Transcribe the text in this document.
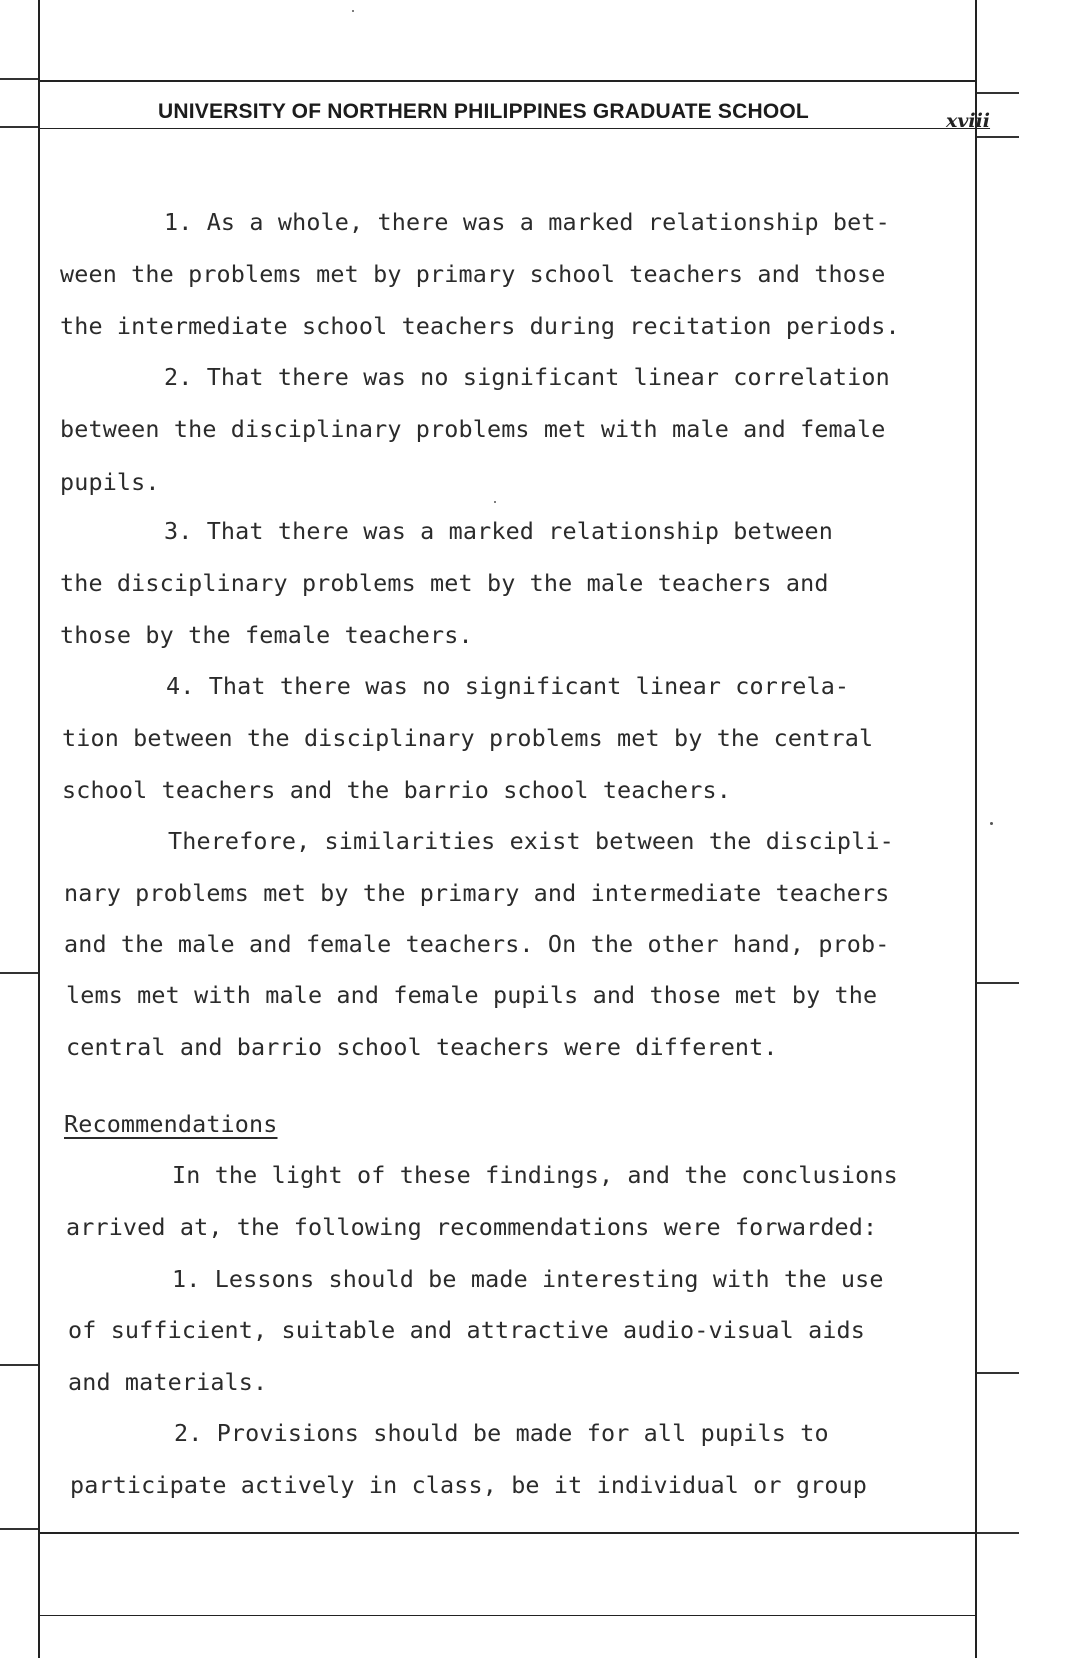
UNIVERSITY OF NORTHERN PHILIPPINES GRADUATE SCHOOL	xviii
1. As a whole, there was a marked relationship bet-
ween the problems met by primary school teachers and those
the intermediate school teachers during recitation periods.
2. That there was no significant linear correlation
between the disciplinary problems met with male and female
pupils.
3. That there was a marked relationship between
the disciplinary problems met by the male teachers and
those by the female teachers.
4. That there was no significant linear correla-
tion between the disciplinary problems met by the central
school teachers and the barrio school teachers.
Therefore, similarities exist between the discipli-
nary problems met by the primary and intermediate teachers
and the male and female teachers. On the other hand, prob-
lems met with male and female pupils and those met by the
central and barrio school teachers were different.
Recommendations
In the light of these findings, and the conclusions
arrived at, the following recommendations were forwarded:
1. Lessons should be made interesting with the use
of sufficient, suitable and attractive audio-visual aids
and materials.
2. Provisions should be made for all pupils to
participate actively in class, be it individual or group
